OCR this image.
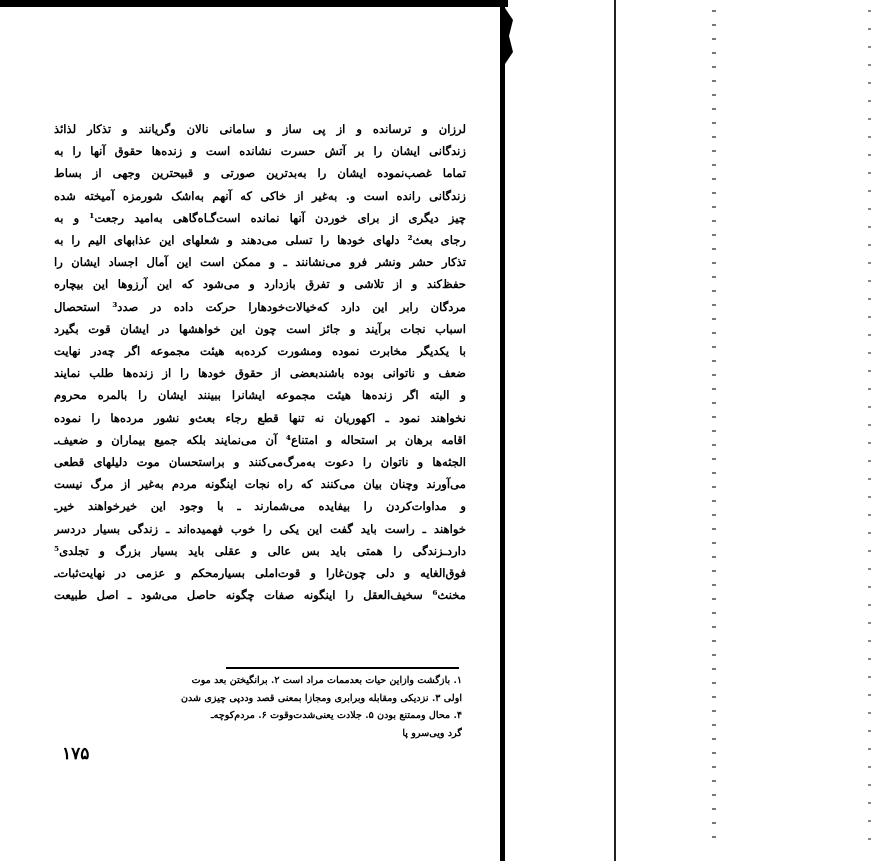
لرزان و ترسانده و از پی ساز و سامانی نالان وگریانند و تذکار لذائذ
زندگانی ایشان را بر آتش حسرت نشانده است و زنده‌ها حقوق آنها را به
تماما غصب‌نموده ایشان را به‌بدترین صورتی و قبیحترین وجهی از بساط
زندگانی رانده است و. به‌غیر از خاکی که آنهم به‌اشک شورمزه آمیخته شده
چیز دیگری از برای خوردن آنها نمانده است‌گـاه‌گاهی به‌امید رجعت¹ و به
رجای بعث² دلهای خودها را تسلی می‌دهند و شعلهای این عذابهای الیم را به
تذکار حشر ونشر فرو می‌نشانند ـ و ممکن است این آمال اجساد ایشان را
حفظ‌کند و از تلاشی و تفرق بازدارد و می‌شود که این آرزوها این بیچاره
مردگان رابر این دارد که‌خیالات‌خودهارا حرکت داده در صدد³ استحصال
اسباب نجات برآیند و جائز است چون این خواهشها در ایشان قوت بگیرد
با یکدیگر مخابرت نموده ومشورت کرده‌به هیئت مجموعه اگر چه‌در نهایت
ضعف و ناتوانی بوده باشندبعضی از حقوق خودها را از زنده‌ها طلب نمایند
و البته اگر زنده‌ها هیئت مجموعه ایشانرا ببینند ایشان را بالمره محروم
نخواهند نمود ـ اکهوریان نه تنها قطع رجاء بعث‌و نشور مرده‌ها را نموده
اقامه برهان بر استحاله و امتناع⁴ آن می‌نمایند بلکه جمیع بیماران و ضعیف‌ـ
الجثه‌ها و ناتوان را دعوت به‌مرگ‌می‌کنند و براستحسان موت دلیلهای قطعی
می‌آورند وچنان بیان می‌کنند که راه نجات اینگونه مردم به‌غیر از مرگ نیست
و مداوات‌کردن را بیفایده می‌شمارند ـ با وجود این خیرخواهند خیرـ
خواهند ـ راست باید گفت این یکی را خوب فهمیده‌اند ـ زندگی بسیار دردسر
داردـزندگی را همتی باید بس عالی و عقلی باید بسیار بزرگ و تجلدی⁵
فوق‌الغایه و دلی چون‌غارا و قوت‌املی بسیارمحکم و عزمی در نهایت‌ثبات‌ـ
مخنث⁶ سخیف‌العقل را اینگونه صفات چگونه حاصل می‌شود ـ اصل طبیعت
۱. بازگشت وازاین حیات بعدممات مراد است ۲. برانگیختن بعد موت
اولی ۳. نزدیکی ومقابله وبرابری ومجازا بمعنی قصد وددپی چیزی شدن
۴. محال وممتنع بودن ۵. جلادت یعنی‌شدت‌وقوت ۶. مردم‌کوچه‌ـ
گرد ویی‌سرو پا
۱۷۵
